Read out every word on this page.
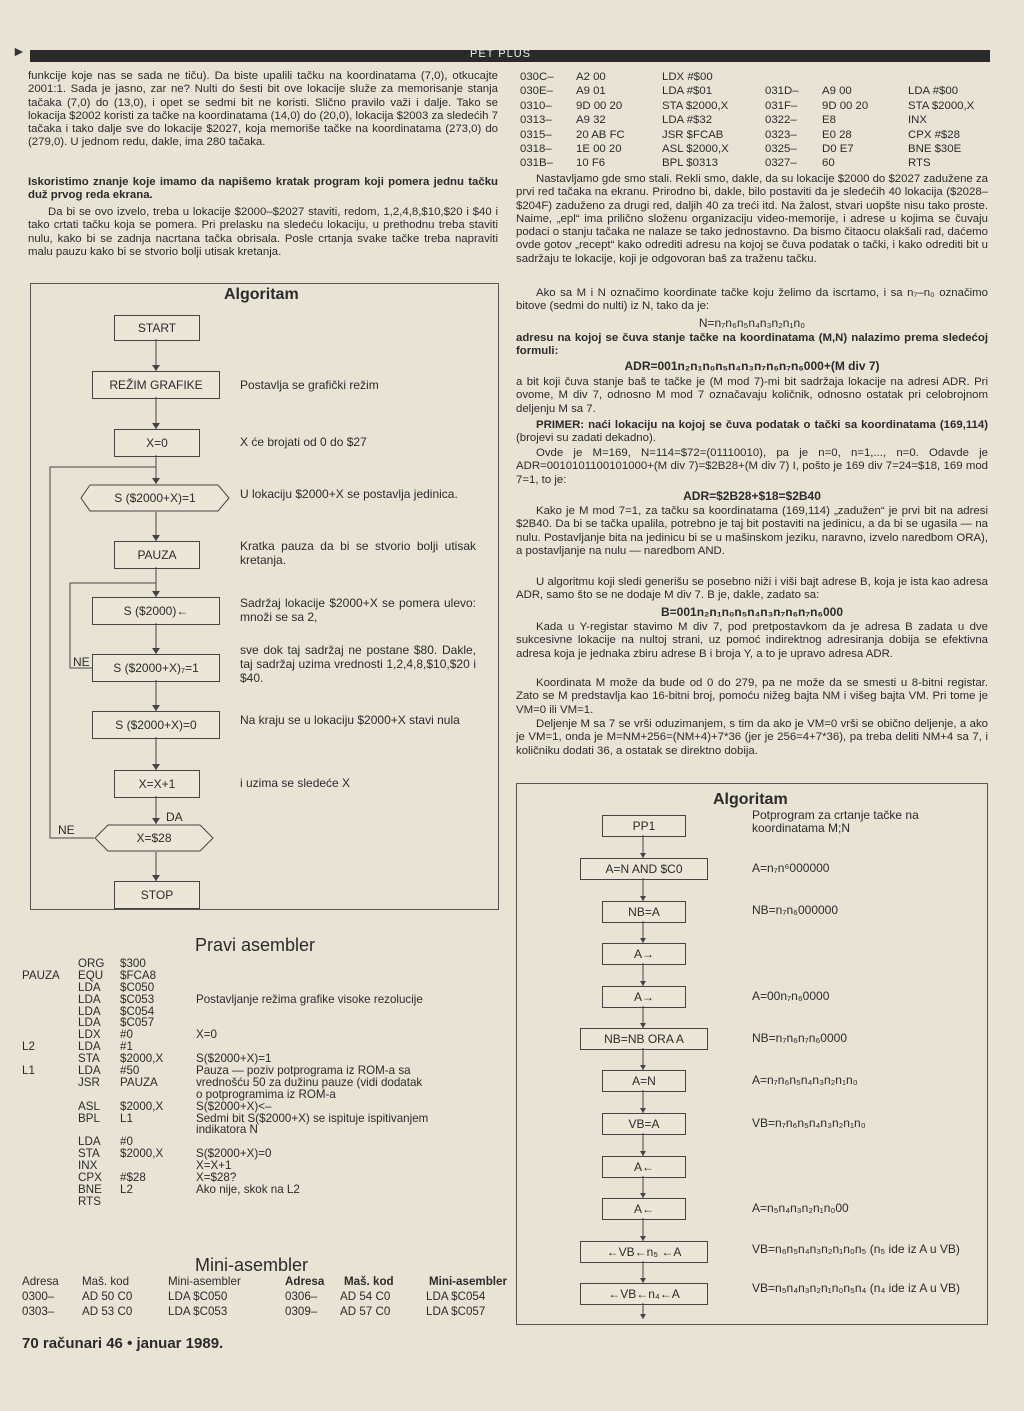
►	PET PLUS
funkcije koje nas se sada ne tiču). Da biste upalili tačku na koordinatama (7,0), otkucajte 2001:1. Sada je jasno, zar ne? Nulti do šesti bit ove lokacije služe za memorisanje stanja tačaka (7,0) do (13,0), i opet se sedmi bit ne koristi. Slično pravilo važi i dalje. Tako se lokacija $2002 koristi za tačke na koordinatama (14,0) do (20,0), lokacija $2003 za sledećih 7 tačaka i tako dalje sve do lokacije $2027, koja memoriše tačke na koordinatama (273,0) do (279,0). U jednom redu, dakle, ima 280 tačaka.
Iskoristimo znanje koje imamo da napišemo kratak program koji pomera jednu tačku duž prvog reda ekrana.
Da bi se ovo izvelo, treba u lokacije $2000–$2027 staviti, redom, 1,2,4,8,$10,$20 i $40 i tako crtati tačku koja se pomera. Pri prelasku na sledeću lokaciju, u prethodnu treba staviti nulu, kako bi se zadnja nacrtana tačka obrisala. Posle crtanja svake tačke treba napraviti malu pauzu kako bi se stvorio bolji utisak kretanja.
Algoritam
START
REŽIM GRAFIKE
X=0
S ($2000+X)=1
PAUZA
S ($2000)←
S ($2000+X)₇=1
S ($2000+X)=0
X=X+1
X=$28
STOP
NE
NE
DA
Postavlja se grafički režim
X će brojati od 0 do $27
U lokaciju $2000+X se postavlja jedinica.
Kratka pauza da bi se stvorio bolji utisak kretanja.
Sadržaj lokacije $2000+X se pomera ulevo: množi se sa 2,
sve dok taj sadržaj ne postane $80. Dakle, taj sadržaj uzima vrednosti 1,2,4,8,$10,$20 i $40.
Na kraju se u lokaciju $2000+X stavi nula
i uzima se sledeće X
Pravi asembler
ORG $300
PAUZA EQU $FCA8
LDA $C050
LDA $C053	Postavljanje režima grafike visoke rezolucije
LDA $C054
LDA $C057
LDX #0	X=0
L2	LDA #1
STA $2000,X	S($2000+X)=1
L1	LDA #50	Pauza — poziv potprograma iz ROM-a sa
JSR PAUZA	vrednošću 50 za dužinu pauze (vidi dodatak
o potprogramima iz ROM-a
ASL $2000,X	S($2000+X)<–
BPL L1	Sedmi bit S($2000+X) se ispituje ispitivanjem
indikatora N
LDA #0
STA $2000,X	S($2000+X)=0
INX	X=X+1
CPX #$28	X=$28?
BNE L2	Ako nije, skok na L2
RTS
Mini-asembler
Adresa Maš. kod	Mini-asembler	Adresa Maš. kod	Mini-asembler
0300– AD 50 C0	LDA $C050	0306– AD 54 C0	LDA $C054
0303– AD 53 C0	LDA $C053	0309– AD 57 C0	LDA $C057
030C– A2 00	LDX #$00
030E– A9 01	LDA #$01	031D– A9 00	LDA #$00
0310– 9D 00 20	STA $2000,X	031F– 9D 00 20	STA $2000,X
0313– A9 32	LDA #$32	0322– E8	INX
0315– 20 AB FC	JSR $FCAB	0323– E0 28	CPX #$28
0318– 1E 00 20	ASL $2000,X	0325– D0 E7	BNE $30E
031B– 10 F6	BPL $0313	0327– 60	RTS
Nastavljamo gde smo stali. Rekli smo, dakle, da su lokacije $2000 do $2027 zadužene za prvi red tačaka na ekranu. Prirodno bi, dakle, bilo postaviti da je sledećih 40 lokacija ($2028–$204F) zaduženo za drugi red, daljih 40 za treći itd. Na žalost, stvari uopšte nisu tako proste. Naime, „epl“ ima prilično složenu organizaciju video-memorije, i adrese u kojima se čuvaju podaci o stanju tačaka ne nalaze se tako jednostavno. Da bismo čitaocu olakšali rad, dаćemo ovde gotov „recept“ kako odrediti adresu na kojoj se čuva podatak o tački, i kako odrediti bit u sadržaju te lokacije, koji je odgovoran baš za traženu tačku.
Ako sa M i N označimo koordinate tačke koju želimo da iscrtamo, i sa n₇–n₀ označimo bitove (sedmi do nulti) iz N, tako da je:
N=n₇n₆n₅n₄n₃n₂n₁n₀
adresu na kojoj se čuva stanje tačke na koordinatama (M,N) nalazimo prema sledećoj formuli:
ADR=001n₂n₁n₀n₅n₄n₃n₇n₆n₇n₆000+(M div 7)
a bit koji čuva stanje baš te tačke je (M mod 7)-mi bit sadržaja lokacije na adresi ADR. Pri ovome, M div 7, odnosno M mod 7 označavaju količnik, odnosno ostatak pri celobrojnom deljenju M sa 7.
PRIMER: naći lokaciju na kojoj se čuva podatak o tački sa koordinatama (169,114) (brojevi su zadati dekadno).
Ovde je M=169, N=114=$72=(01110010), pa je n=0, n=1,..., n=0. Odavde je ADR=0010101100101000+(M div 7)=$2B28+(M div 7) I, pošto je 169 div 7=24=$18, 169 mod 7=1, to je:
ADR=$2B28+$18=$2B40
Kako je M mod 7=1, za tačku sa koordinatama (169,114) „zadužen“ je prvi bit na adresi $2B40. Da bi se tačka upalila, potrebno je taj bit postaviti na jedinicu, a da bi se ugasila — na nulu. Postavljanje bita na jedinicu bi se u mašinskom jeziku, naravno, izvelo naredbom ORA), a postavljanje na nulu — naredbom AND.
U algoritmu koji sledi generišu se posebno niži i viši bajt adrese B, koja je ista kao adresa ADR, samo što se ne dodaje M div 7. B je, dakle, zadato sa:
B=001n₂n₁n₀n₅n₄n₃n₇n₆n₇n₆000
Kada u Y-registar stavimo M div 7, pod pretpostavkom da je adresa B zadata u dve sukcesivne lokacije na nultoj strani, uz pomoć indirektnog adresiranja dobija se efektivna adresa koja je jednaka zbiru adrese B i broja Y, a to je upravo adresa ADR.
Koordinata M može da bude od 0 do 279, pa ne može da se smesti u 8-bitni registar. Zato se M predstavlja kao 16-bitni broj, pomoću nižeg bajta NM i višeg bajta VM. Pri tome je VM=0 ili VM=1.
Deljenje M sa 7 se vrši oduzimanjem, s tim da ako je VM=0 vrši se obično deljenje, a ako je VM=1, onda je M=NM+256=(NM+4)+7*36 (jer je 256=4+7*36), pa treba deliti NM+4 sa 7, i količniku dodati 36, a ostatak se direktno dobija.
Algoritam
Potprogram za crtanje tačke na koordinatama M;N
PP1
A=N AND $C0
NB=A
A→
A→
NB=NB ORA A
A=N
VB=A
A←
A←
←VB←n₅ ←A
←VB←n₄←A
A=n₇n⁶000000
NB=n₇n₆000000
A=00n₇n₆0000
NB=n₇n₆n₇n₆0000
A=n₇n₆n₅n₄n₃n₂n₁n₀
VB=n₇n₆n₅n₄n₃n₂n₁n₀
A=n₅n₄n₃n₂n₁n₀00
VB=n₆n₅n₄n₃n₂n₁n₀n₅ (n₅ ide iz A u VB)
VB=n₅n₄n₃n₂n₁n₀n₅n₄ (n₄ ide iz A u VB)
70 računari 46 • januar 1989.
